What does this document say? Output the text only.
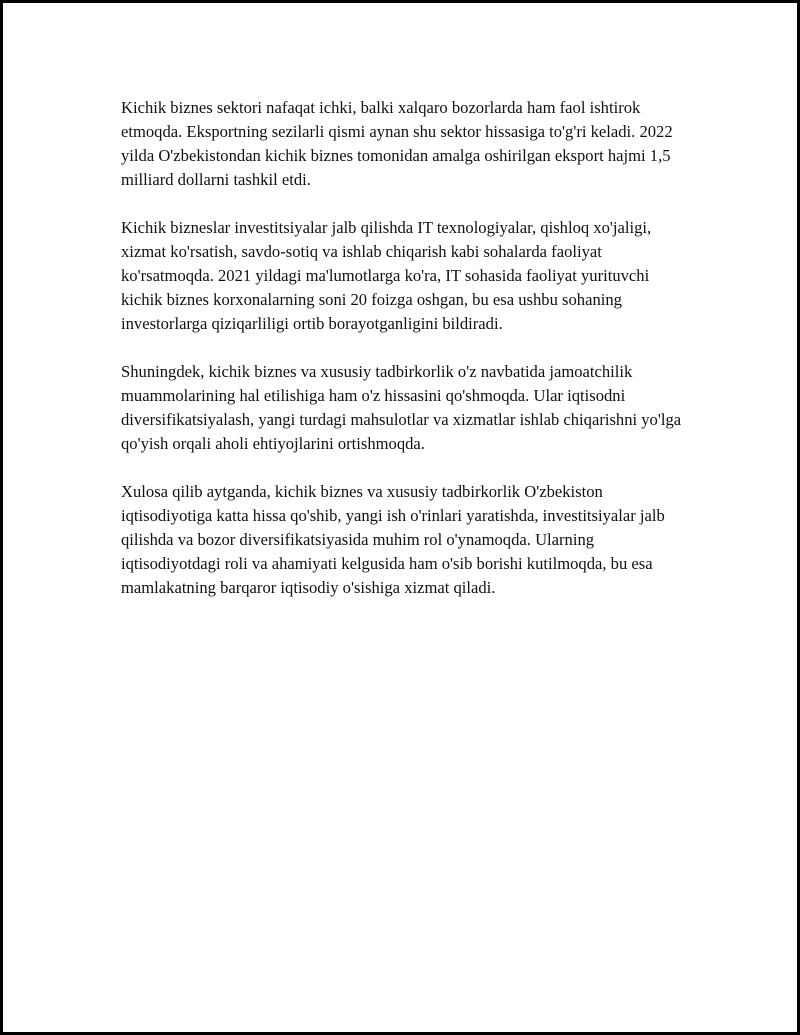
Kichik biznes sektori nafaqat ichki, balki xalqaro bozorlarda ham faol ishtirok etmoqda. Eksportning sezilarli qismi aynan shu sektor hissasiga to'g'ri keladi. 2022 yilda O'zbekistondan kichik biznes tomonidan amalga oshirilgan eksport hajmi 1,5 milliard dollarni tashkil etdi.

Kichik bizneslar investitsiyalar jalb qilishda IT texnologiyalar, qishloq xo'jaligi, xizmat ko'rsatish, savdo-sotiq va ishlab chiqarish kabi sohalarda faoliyat ko'rsatmoqda. 2021 yildagi ma'lumotlarga ko'ra, IT sohasida faoliyat yurituvchi kichik biznes korxonalarning soni 20 foizga oshgan, bu esa ushbu sohaning investorlarga qiziqarliligi ortib borayotganligini bildiradi.

Shuningdek, kichik biznes va xususiy tadbirkorlik o'z navbatida jamoatchilik muammolarining hal etilishiga ham o'z hissasini qo'shmoqda. Ular iqtisodni diversifikatsiyalash, yangi turdagi mahsulotlar va xizmatlar ishlab chiqarishni yo'lga qo'yish orqali aholi ehtiyojlarini ortishmoqda.

Xulosa qilib aytganda, kichik biznes va xususiy tadbirkorlik O'zbekiston iqtisodiyotiga katta hissa qo'shib, yangi ish o'rinlari yaratishda, investitsiyalar jalb qilishda va bozor diversifikatsiyasida muhim rol o'ynamoqda. Ularning iqtisodiyotdagi roli va ahamiyati kelgusida ham o'sib borishi kutilmoqda, bu esa mamlakatning barqaror iqtisodiy o'sishiga xizmat qiladi.
